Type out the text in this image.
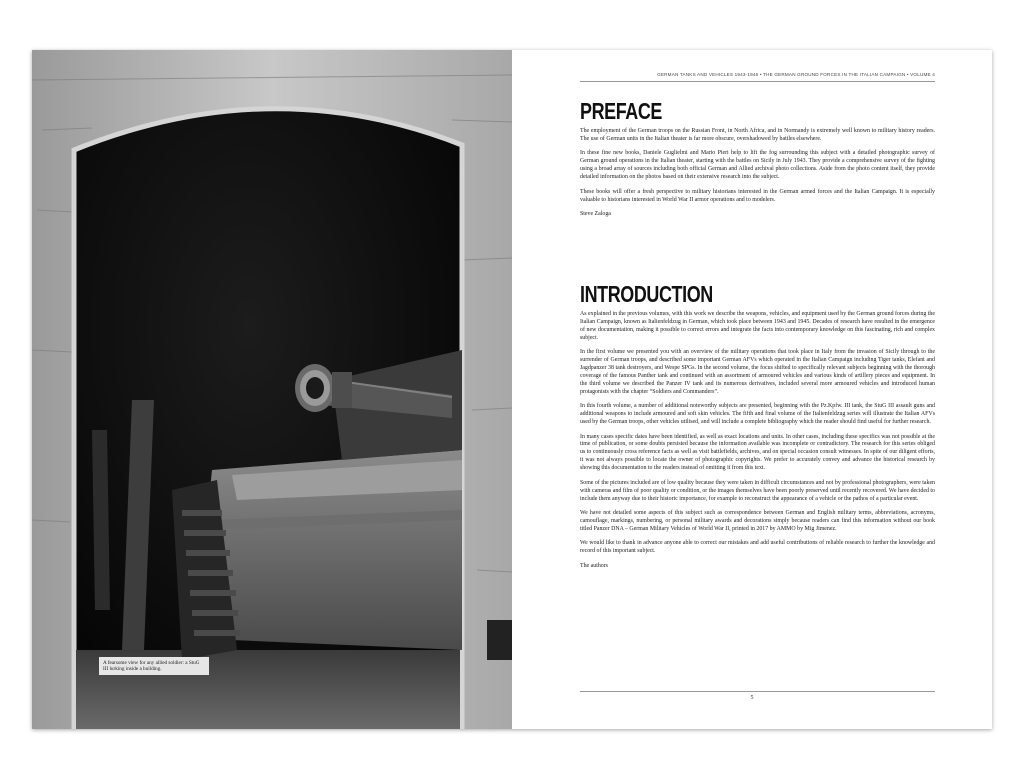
A fearsome view for any allied soldier: a StuG III lurking inside a building.
GERMAN TANKS AND VEHICLES 1943-1945 • THE GERMAN GROUND FORCES IN THE ITALIAN CAMPAIGN • VOLUME 4
PREFACE

The employment of the German troops on the Russian Front, in North Africa, and in Normandy is extremely well known to military history readers. The use of German units in the Italian theater is far more obscure, overshadowed by battles elsewhere.

In these fine new books, Daniele Guglielmi and Mario Pieri help to lift the fog surrounding this subject with a detailed photographic survey of German ground operations in the Italian theater, starting with the battles on Sicily in July 1943. They provide a comprehensive survey of the fighting using a broad array of sources including both official German and Allied archival photo collections. Aside from the photo content itself, they provide detailed information on the photos based on their extensive research into the subject.

These books will offer a fresh perspective to military historians interested in the German armed forces and the Italian Campaign. It is especially valuable to historians interested in World War II armor operations and to modelers.

Steve Zaloga

INTRODUCTION

As explained in the previous volumes, with this work we describe the weapons, vehicles, and equipment used by the German ground forces during the Italian Campaign, known as Italienfeldzug in German, which took place between 1943 and 1945. Decades of research have resulted in the emergence of new documentation, making it possible to correct errors and integrate the facts into contemporary knowledge on this fascinating, rich and complex subject.

In the first volume we presented you with an overview of the military operations that took place in Italy from the invasion of Sicily through to the surrender of German troops, and described some important German AFVs which operated in the Italian Campaign including Tiger tanks, Elefant and Jagdpanzer 38 tank destroyers, and Wespe SPGs. In the second volume, the focus shifted to specifically relevant subjects beginning with the thorough coverage of the famous Panther tank and continued with an assortment of armoured vehicles and various kinds of artillery pieces and equipment. In the third volume we described the Panzer IV tank and its numerous derivatives, included several more armoured vehicles and introduced human protagonists with the chapter “Soldiers and Commanders”.

In this fourth volume, a number of additional noteworthy subjects are presented, beginning with the Pz.Kpfw. III tank, the StuG III assault guns and additional weapons to include armoured and soft skin vehicles. The fifth and final volume of the Italienfeldzug series will illustrate the Italian AFVs used by the German troops, other vehicles utilised, and will include a complete bibliography which the reader should find useful for further research.

In many cases specific dates have been identified, as well as exact locations and units. In other cases, including these specifics was not possible at the time of publication, or some doubts persisted because the information available was incomplete or contradictory. The research for this series obliged us to continuously cross reference facts as well as visit battlefields, archives, and on special occasion consult witnesses. In spite of our diligent efforts, it was not always possible to locate the owner of photographic copyrights. We prefer to accurately convey and advance the historical research by showing this documentation to the readers instead of omitting it from this text.

Some of the pictures included are of low quality because they were taken in difficult circumstances and not by professional photographers, were taken with cameras and film of poor quality or condition, or the images themselves have been poorly preserved until recently recovered. We have decided to include them anyway due to their historic importance, for example to reconstruct the appearance of a vehicle or the pathos of a particular event.

We have not detailed some aspects of this subject such as correspondence between German and English military terms, abbreviations, acronyms, camouflage, markings, numbering, or personal military awards and decorations simply because readers can find this information without our book titled Panzer DNA – German Military Vehicles of World War II, printed in 2017 by AMMO by Mig Jimenez.

We would like to thank in advance anyone able to correct our mistakes and add useful contributions of reliable research to further the knowledge and record of this important subject.

The authors

5
